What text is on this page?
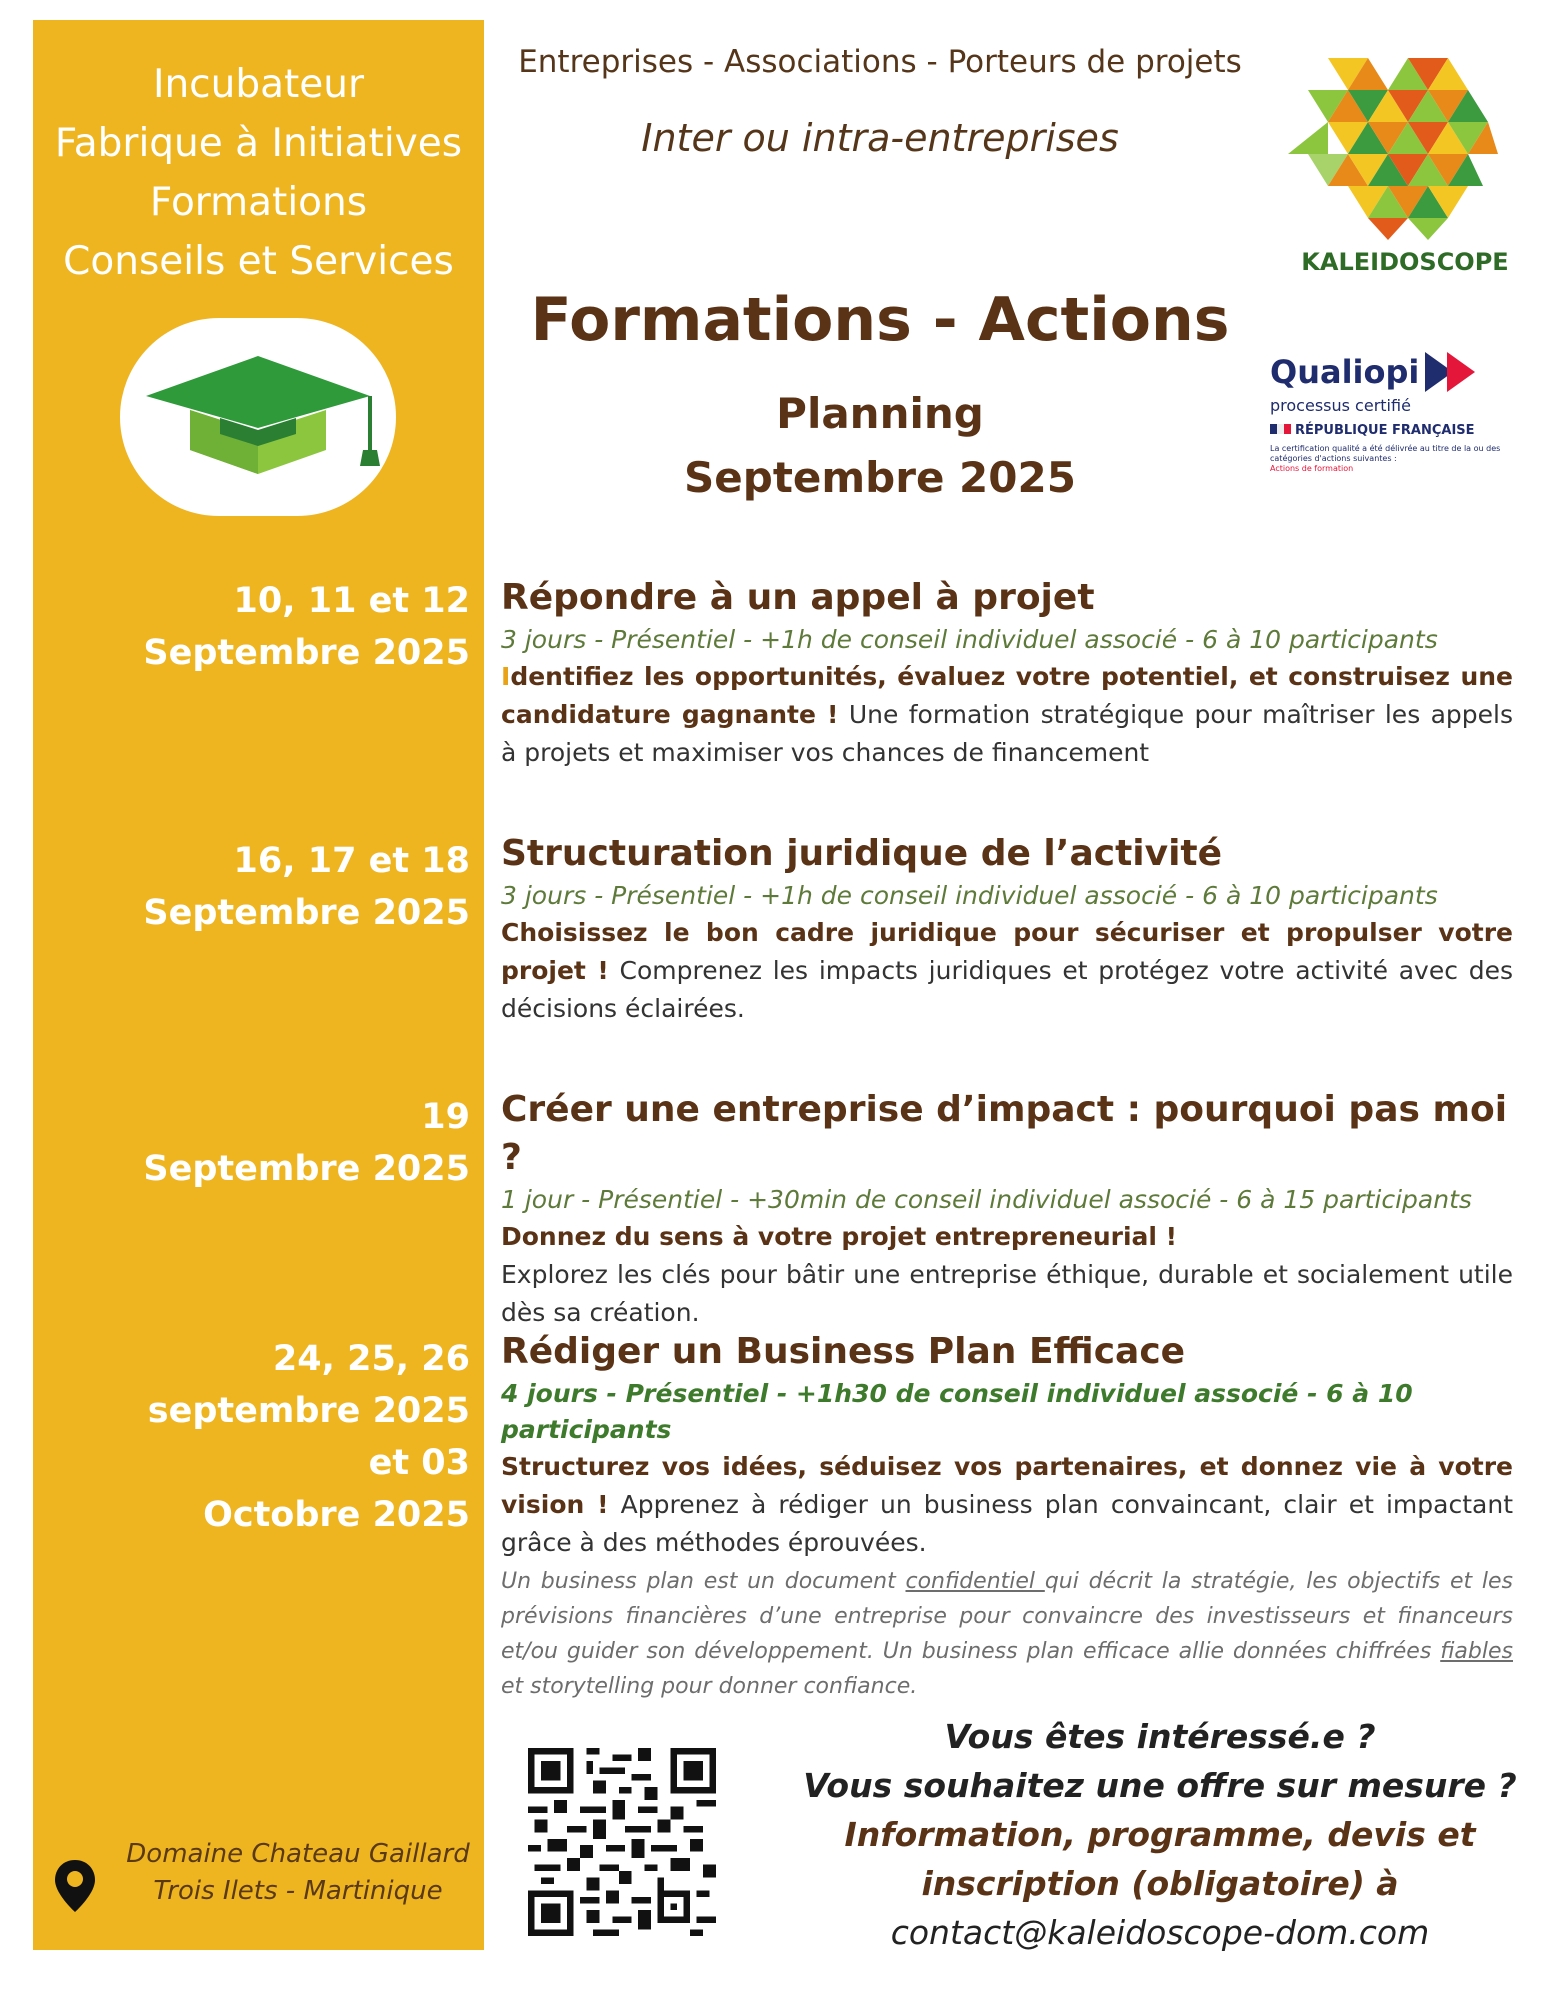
Incubateur
Fabrique à Initiatives
Formations
Conseils et Services
10, 11 et 12
Septembre 2025
16, 17 et 18
Septembre 2025
19
Septembre 2025
24, 25, 26
septembre 2025
et 03
Octobre 2025
Domaine Chateau Gaillard
Trois Ilets - Martinique
Entreprises - Associations - Porteurs de projets
Inter ou intra-entreprises
Formations - Actions
Planning
Septembre 2025
KALEIDOSCOPE
Qualiopi
processus certifié
RÉPUBLIQUE FRANÇAISE
La certification qualité a été délivrée au titre de la ou des
catégories d'actions suivantes :
Actions de formation
Répondre à un appel à projet
3 jours - Présentiel - +1h de conseil individuel associé - 6 à 10 participants
Identifiez les opportunités, évaluez votre potentiel, et construisez une candidature gagnante ! Une formation stratégique pour maîtriser les appels à projets et maximiser vos chances de financement
Structuration juridique de l’activité
3 jours - Présentiel - +1h de conseil individuel associé - 6 à 10 participants
Choisissez le bon cadre juridique pour sécuriser et propulser votre projet ! Comprenez les impacts juridiques et protégez votre activité avec des décisions éclairées.
Créer une entreprise d’impact : pourquoi pas moi ?
1 jour - Présentiel - +30min de conseil individuel associé - 6 à 15 participants
Donnez du sens à votre projet entrepreneurial !
Explorez les clés pour bâtir une entreprise éthique, durable et socialement utile dès sa création.
Rédiger un Business Plan Efficace
4 jours - Présentiel - +1h30 de conseil individuel associé - 6 à 10 participants
Structurez vos idées, séduisez vos partenaires, et donnez vie à votre vision ! Apprenez à rédiger un business plan convaincant, clair et impactant grâce à des méthodes éprouvées.
Un business plan est un document confidentiel qui décrit la stratégie, les objectifs et les prévisions financières d’une entreprise pour convaincre des investisseurs et financeurs et/ou guider son développement. Un business plan efficace allie données chiffrées fiables et storytelling pour donner confiance.
Vous êtes intéressé.e ?
Vous souhaitez une offre sur mesure ?
Information, programme, devis et
inscription (obligatoire) à
contact@kaleidoscope-dom.com
